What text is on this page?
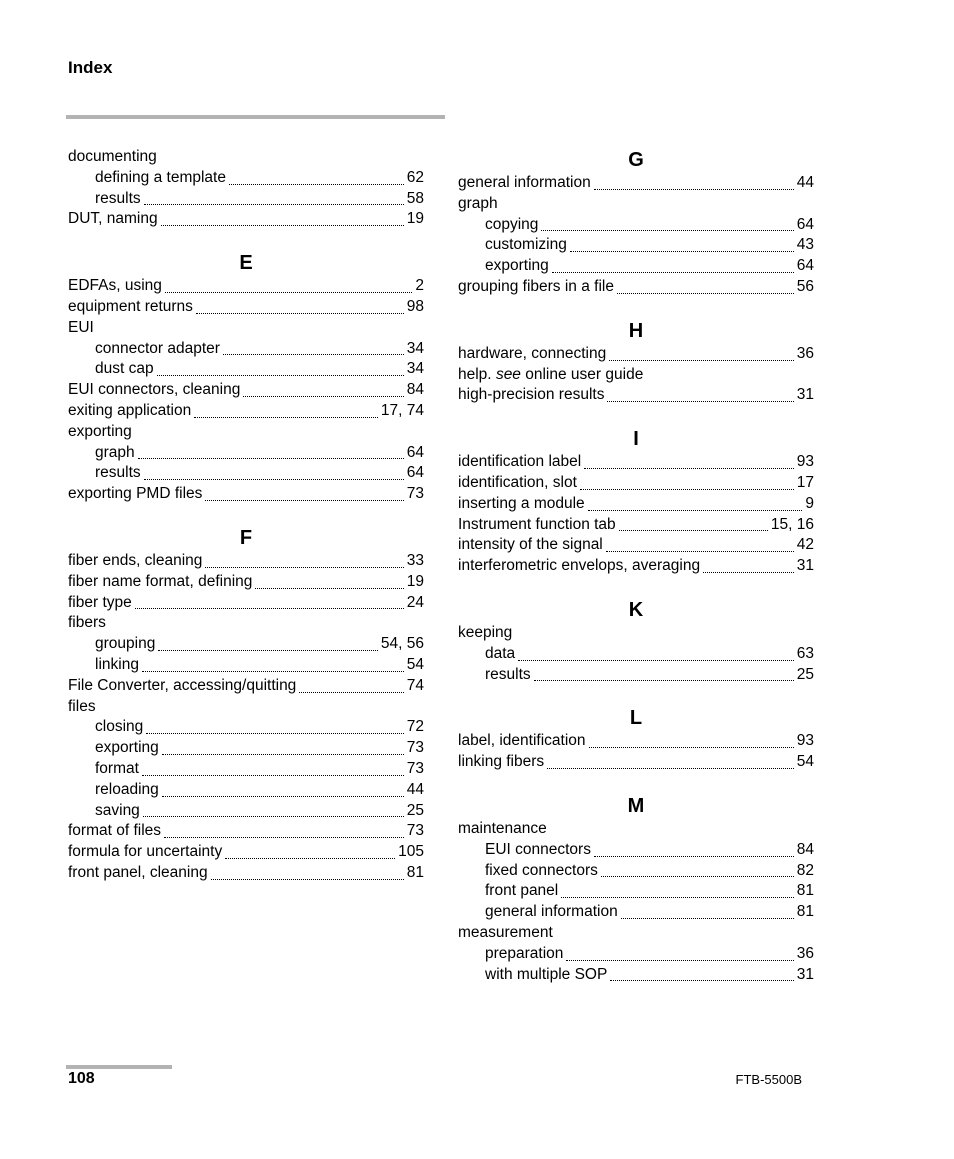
Index
documenting
defining a template	62
results	58
DUT, naming	19
E
EDFAs, using	2
equipment returns	98
EUI
connector adapter	34
dust cap	34
EUI connectors, cleaning	84
exiting application	17, 74
exporting
graph	64
results	64
exporting PMD files	73
F
fiber ends, cleaning	33
fiber name format, defining	19
fiber type	24
fibers
grouping	54, 56
linking	54
File Converter, accessing/quitting	74
files
closing	72
exporting	73
format	73
reloading	44
saving	25
format of files	73
formula for uncertainty	105
front panel, cleaning	81
G
general information	44
graph
copying	64
customizing	43
exporting	64
grouping fibers in a file	56
H
hardware, connecting	36
help. see online user guide
high-precision results	31
I
identification label	93
identification, slot	17
inserting a module	9
Instrument function tab	15, 16
intensity of the signal	42
interferometric envelops, averaging	31
K
keeping
data	63
results	25
L
label, identification	93
linking fibers	54
M
maintenance
EUI connectors	84
fixed connectors	82
front panel	81
general information	81
measurement
preparation	36
with multiple SOP	31
108	FTB-5500B
